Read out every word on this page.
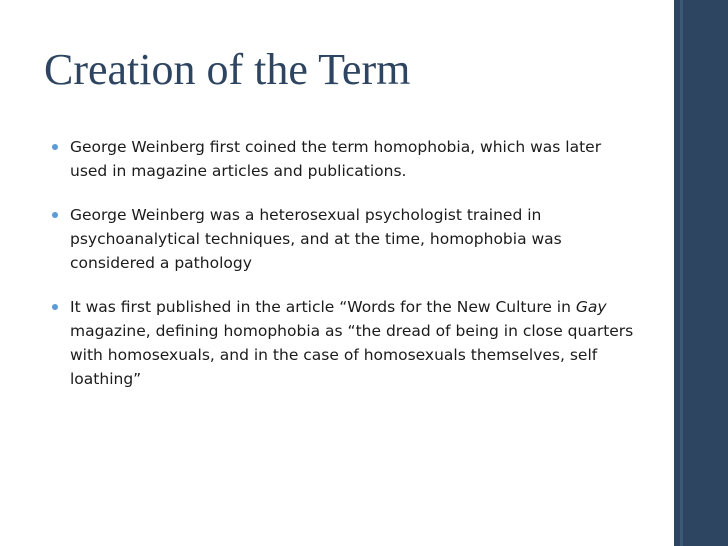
Creation of the Term
George Weinberg first coined the term homophobia, which was later used in magazine articles and publications.
George Weinberg was a heterosexual psychologist trained in psychoanalytical techniques, and at the time, homophobia was considered a pathology
It was first published in the article “Words for the New Culture in Gay magazine, defining homophobia as “the dread of being in close quarters with homosexuals, and in the case of homosexuals themselves, self loathing”
